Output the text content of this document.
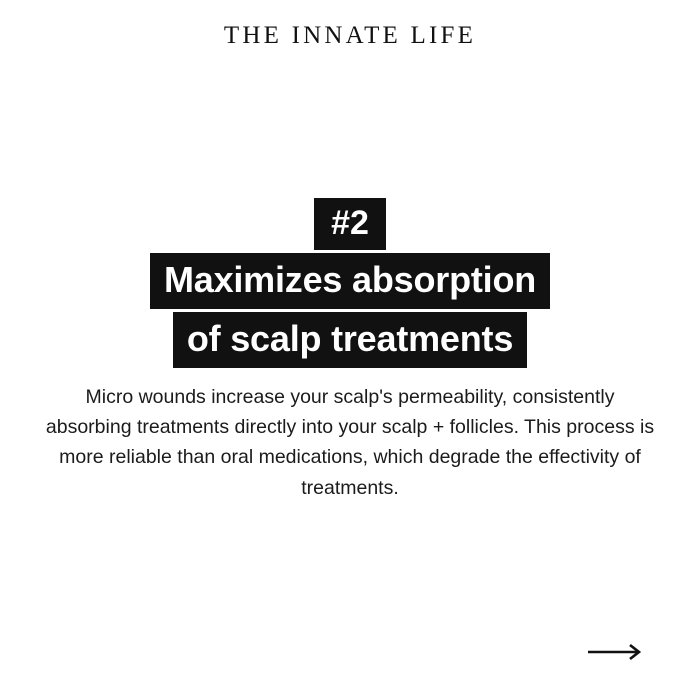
THE INNATE LIFE
#2
Maximizes absorption
of scalp treatments
Micro wounds increase your scalp's permeability, consistently absorbing treatments directly into your scalp + follicles. This process is more reliable than oral medications, which degrade the effectivity of treatments.
